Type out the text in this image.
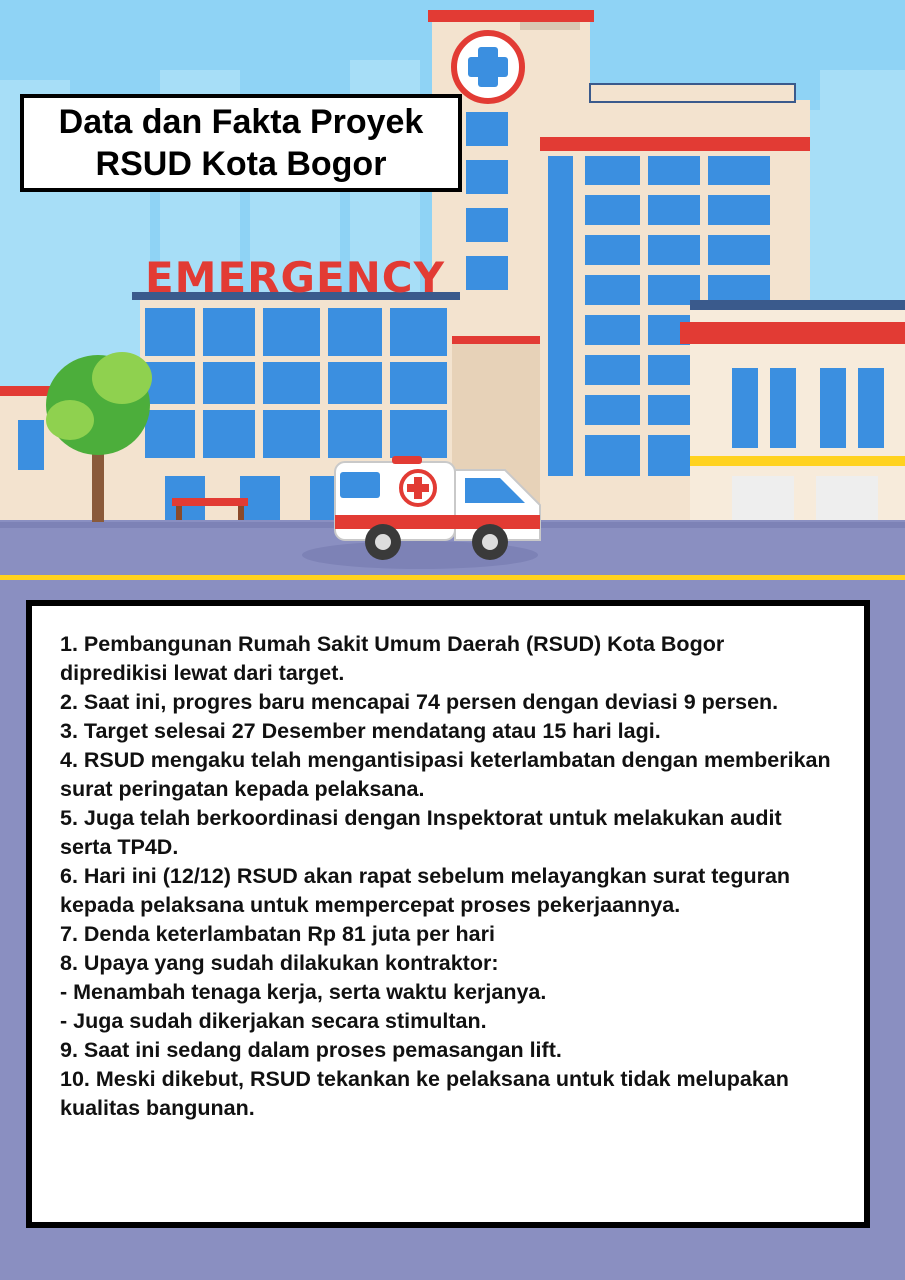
EMERGENCY
Data dan Fakta Proyek
RSUD Kota Bogor
1. Pembangunan Rumah Sakit Umum Daerah (RSUD) Kota Bogor dipredikisi lewat dari target.
2. Saat ini, progres baru mencapai 74 persen dengan deviasi 9 persen.
3. Target selesai 27 Desember mendatang atau 15 hari lagi.
4. RSUD mengaku telah mengantisipasi keterlambatan dengan memberikan surat peringatan kepada pelaksana.
5. Juga telah berkoordinasi dengan Inspektorat untuk melakukan audit serta TP4D.
6. Hari ini (12/12) RSUD akan rapat sebelum melayangkan surat teguran kepada pelaksana untuk mempercepat proses pekerjaannya.
7. Denda keterlambatan Rp 81 juta per hari
8. Upaya yang sudah dilakukan kontraktor:
- Menambah tenaga kerja, serta waktu kerjanya.
- Juga sudah dikerjakan secara stimultan.
9. Saat ini sedang dalam proses pemasangan lift.
10. Meski dikebut, RSUD tekankan ke pelaksana untuk tidak melupakan kualitas bangunan.
